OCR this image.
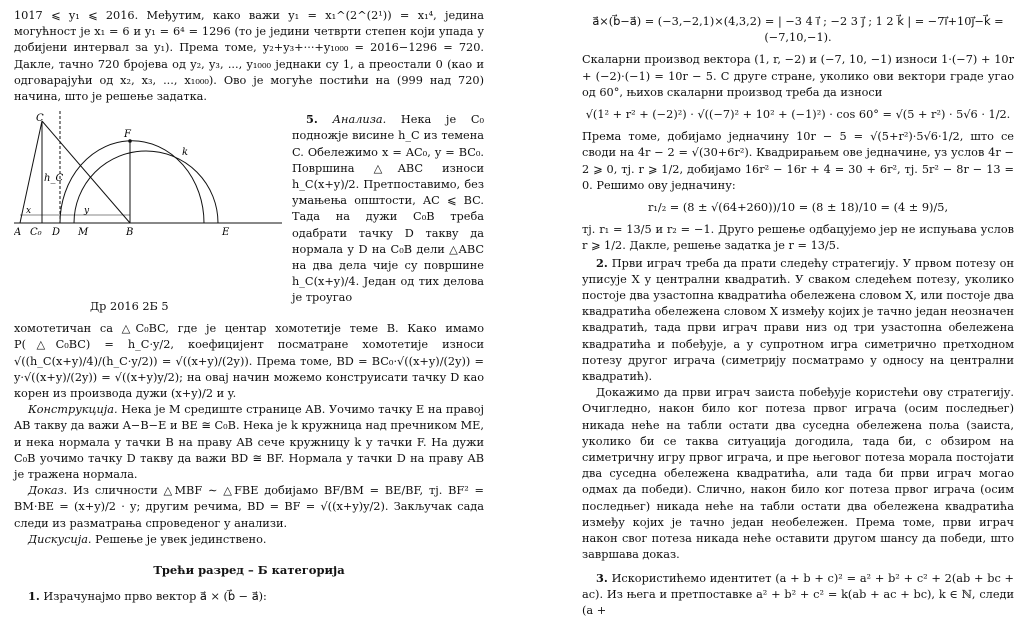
1017 ⩽ y₁ ⩽ 2016. Међутим, како важи y₁ = x₁^(2^(2¹)) = x₁⁴, једина могућност је x₁ = 6 и y₁ = 6⁴ = 1296 (то је једини четврти степен који упада у добијени интервал за y₁). Према томе, y₂+y₃+···+y₁₀₀₀ = 2016−1296 = 720. Дакле, тачно 720 бројева од y₂, y₃, ..., y₁₀₀₀ једнаки су 1, а преостали 0 (као и одговарајући од x₂, x₃, ..., x₁₀₀₀). Ово је могуће постићи на (999 над 720) начина, што је решење задатка.

A C₀ D M	B	E
C
F
k
h_C
x	y
Др 2016 2Б 5

5. Анализа. Нека је C₀ подножје висине h_C из темена C. Обележимо x = AC₀, y = BC₀. Површина △ABC износи h_C(x+y)/2. Претпоставимо, без умањења општости, AC ⩽ BC. Тада на дужи C₀B треба одабрати тачку D такву да нормала у D на C₀B дели △ABC на два дела чије су површине h_C(x+y)/4. Један од тих делова је троугао

хомотетичан са △C₀BC, где је центар хомотетије теме B. Како имамо P(△C₀BC) = h_C·y/2, коефицијент посматране хомотетије износи √((h_C(x+y)/4)/(h_C·y/2)) = √((x+y)/(2y)). Према томе, BD = BC₀·√((x+y)/(2y)) = y·√((x+y)/(2y)) = √((x+y)y/2); на овај начин можемо конструисати тачку D као корен из производа дужи (x+y)/2 и y.

Конструкција. Нека је M средиште странице AB. Уочимо тачку E на правој AB такву да важи A−B−E и BE ≅ C₀B. Нека је k кружница над пречником ME, и нека нормала у тачки B на праву AB сече кружницу k у тачки F. На дужи C₀B уочимо тачку D такву да важи BD ≅ BF. Нормала у тачки D на праву AB је тражена нормала.

Доказ. Из сличности △MBF ∼ △FBE добијамо BF/BM = BE/BF, тј. BF² = BM·BE = (x+y)/2 · y; другим речима, BD = BF = √((x+y)y/2). Закључак сада следи из разматрања спроведеног у анализи.

Дискусија. Решење је увек јединствено.

Трећи разред – Б категорија

1. Израчунајмо прво вектор a⃗ × (b⃗ − a⃗):

a⃗×(b⃗−a⃗) = (−3,−2,1)×(4,3,2) = | −3 4 i⃗ ; −2 3 j⃗ ; 1 2 k⃗ | = −7i⃗+10j⃗−k⃗ = (−7,10,−1).

Скаларни производ вектора (1, r, −2) и (−7, 10, −1) износи 1·(−7) + 10r + (−2)·(−1) = 10r − 5. С друге стране, уколико ови вектори граде угао од 60°, њихов скаларни производ треба да износи

√(1² + r² + (−2)²) · √((−7)² + 10² + (−1)²) · cos 60° = √(5 + r²) · 5√6 · 1/2.

Према томе, добијамо једначину 10r − 5 = √(5+r²)·5√6·1/2, што се своди на 4r − 2 = √(30+6r²). Квадрирањем ове једначине, уз услов 4r − 2 ⩾ 0, тј. r ⩾ 1/2, добијамо 16r² − 16r + 4 = 30 + 6r², тј. 5r² − 8r − 13 = 0. Решимо ову једначину:

r₁/₂ = (8 ± √(64+260))/10 = (8 ± 18)/10 = (4 ± 9)/5,

тј. r₁ = 13/5 и r₂ = −1. Друго решење одбацујемо јер не испуњава услов r ⩾ 1/2. Дакле, решење задатка је r = 13/5.

2. Први играч треба да прати следећу стратегију. У првом потезу он уписује X у централни квадратић. У сваком следећем потезу, уколико постоје два узастопна квадратића обележена словом X, или постоје два квадратића обележена словом X између којих је тачно један неозначен квадратић, тада први играч прави низ од три узастопна обележена квадратића и побеђује, а у супротном игра симетрично претходном потезу другог играча (симетрију посматрамо у односу на централни квадратић).

Докажимо да први играч заиста побеђује користећи ову стратегију. Очигледно, након било ког потеза првог играча (осим последњег) никада неће на табли остати два суседна обележена поља (заиста, уколико би се таква ситуација догодила, тада би, с обзиром на симетричну игру првог играча, и пре његовог потеза морала постојати два суседна обележена квадратића, али тада би први играч могао одмах да победи). Слично, након било ког потеза првог играча (осим последњег) никада неће на табли остати два обележена квадратића између којих је тачно један необележен. Према томе, први играч након свог потеза никада неће оставити другом шансу да победи, што завршава доказ.

3. Искористићемо идентитет (a + b + c)² = a² + b² + c² + 2(ab + bc + ac). Из њега и претпоставке a² + b² + c² = k(ab + ac + bc), k ∈ ℕ, следи (a +
